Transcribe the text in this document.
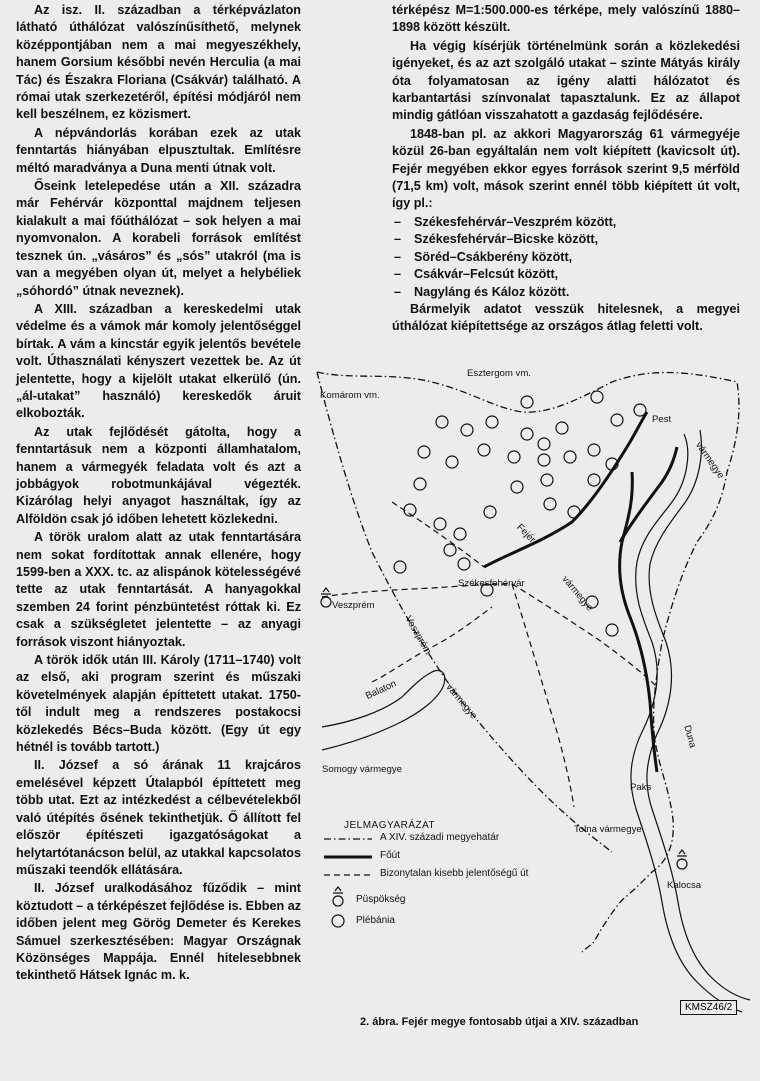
Az isz. II. században a térképvázlaton látható úthálózat valószínűsíthető, melynek középpontjában nem a mai megyeszékhely, hanem Gorsium későbbi nevén Herculia (a mai Tác) és Északra Floriana (Csákvár) található. A római utak szerkezetéről, építési módjáról nem kell beszélnem, ez közismert.

A népvándorlás korában ezek az utak fenntartás hiányában elpusztultak. Említésre méltó maradványa a Duna menti útnak volt.

Őseink letelepedése után a XII. századra már Fehérvár központtal majdnem teljesen kialakult a mai főúthálózat – sok helyen a mai nyomvonalon. A korabeli források említést tesznek ún. „vásáros” és „sós” utakról (ma is van a megyében olyan út, melyet a helybéliek „sóhordó” útnak neveznek).

A XIII. században a kereskedelmi utak védelme és a vámok már komoly jelentőséggel bírtak. A vám a kincstár egyik jelentős bevétele volt. Úthasználati kényszert vezettek be. Az út jelentette, hogy a kijelölt utakat elkerülő (ún. „ál-utakat” használó) kereskedők áruit elkobozták.

Az utak fejlődését gátolta, hogy a fenntartásuk nem a központi államhatalom, hanem a vármegyék feladata volt és azt a jobbágyok robotmunkájával végezték. Kizárólag helyi anyagot használtak, így az Alföldön csak jó időben lehetett közlekedni.

A török uralom alatt az utak fenntartására nem sokat fordítottak annak ellenére, hogy 1599-ben a XXX. tc. az alispánok kötelességévé tette az utak fenntartását. A hanyagokkal szemben 24 forint pénzbüntetést róttak ki. Ez csak a szükségletet jelentette – az anyagi források viszont hiányoztak.

A török idők után III. Károly (1711–1740) volt az első, aki program szerint és műszaki követelmények alapján építtetett utakat. 1750-től indult meg a rendszeres postakocsi közlekedés Bécs–Buda között. (Egy út egy hétnél is tovább tartott.)

II. József a só árának 11 krajcáros emelésével képzett Útalapból építtetett meg több utat. Ezt az intézkedést a célbevételekből való útépítés ősének tekinthetjük. Ő állított fel először építészeti igazgatóságokat a helytartótanácson belül, az utakkal kapcsolatos műszaki teendők ellátására.

II. József uralkodásához fűződik – mint köztudott – a térképészet fejlődése is. Ebben az időben jelent meg Görög Demeter és Kerekes Sámuel szerkesztésében: Magyar Országnak Közönséges Mappája. Ennél hitelesebbnek tekinthető Hátsek Ignác m. k.

térképész M=1:500.000-es térképe, mely valószínű 1880–1898 között készült.

Ha végig kísérjük történelmünk során a közlekedési igényeket, és az azt szolgáló utakat – szinte Mátyás király óta folyamatosan az igény alatti hálózatot és karbantartási színvonalat tapasztalunk. Ez az állapot mindig gátlóan visszahatott a gazdaság fejlődésére.

1848-ban pl. az akkori Magyarország 61 vármegyéje közül 26-ban egyáltalán nem volt kiépített (kavicsolt út). Fejér megyében ekkor egyes források szerint 9,5 mérföld (71,5 km) volt, mások szerint ennél több kiépített út volt, így pl.:

– Székesfehérvár–Veszprém között,
– Székesfehérvár–Bicske között,
– Söréd–Csákberény között,
– Csákvár–Felcsút között,
– Nagyláng és Káloz között.

Bármelyik adatot vesszük hitelesnek, a megyei úthálózat kiépítettsége az országos átlag feletti volt.

Esztergom vm.
Komárom vm.
Pest
vármegye
Fejér
Székesfehérvár	vármegye
Veszprém
Veszprém
vármegye
Balaton
Somogy vármegye
Duna
Paks
Tolna vármegye
Kalocsa
JELMAGYARÁZAT
A XIV. századi megyehatár
Főút
Bizonytalan kisebb jelentőségű út
Püspökség
Plébánia
KMSZ46/2
2. ábra. Fejér megye fontosabb útjai a XIV. században
